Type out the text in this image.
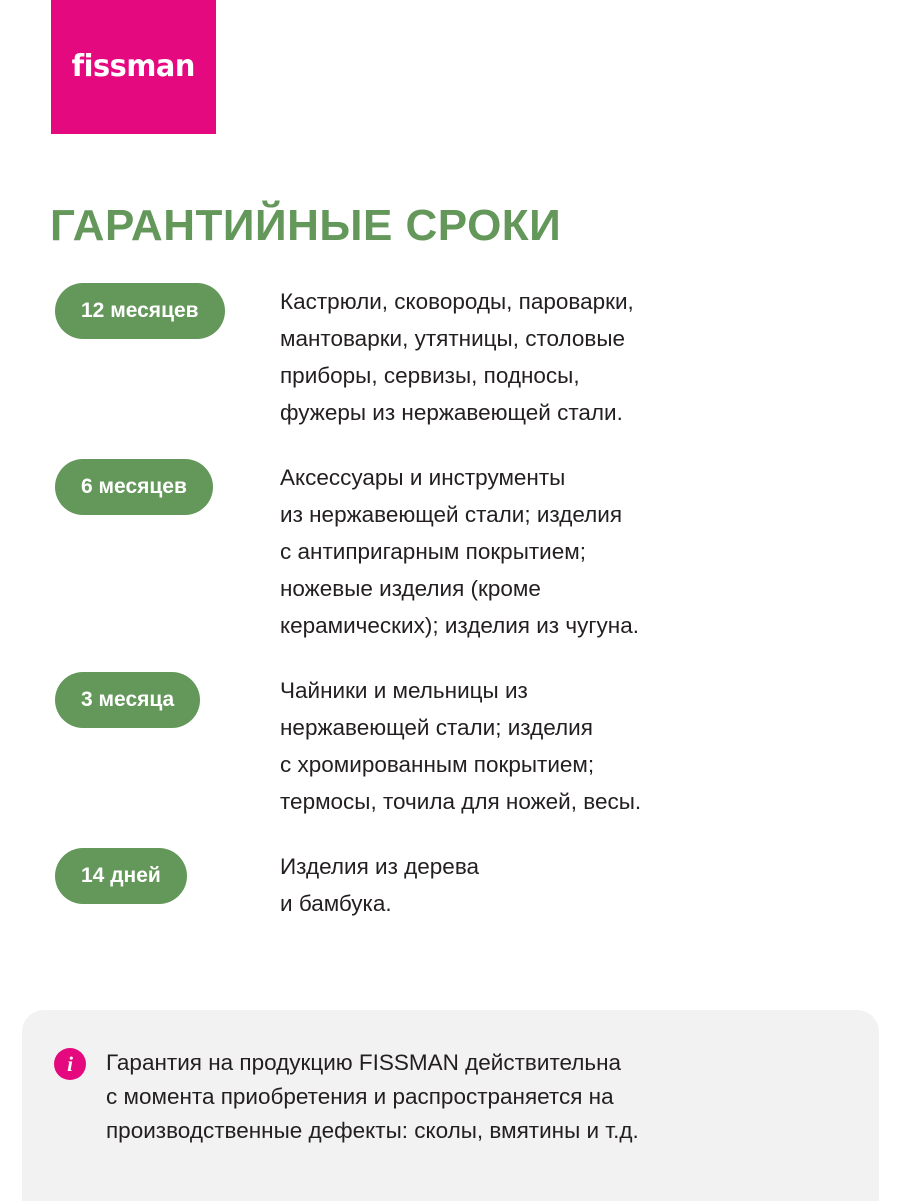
fissman
ГАРАНТИЙНЫЕ СРОКИ
12 месяцев	Кастрюли, сковороды, пароварки,
мантоварки, утятницы, столовые
приборы, сервизы, подносы,
фужеры из нержавеющей стали.
6 месяцев	Аксессуары и инструменты
из нержавеющей стали; изделия
с антипригарным покрытием;
ножевые изделия (кроме
керамических); изделия из чугуна.
3 месяца	Чайники и мельницы из
нержавеющей стали; изделия
с хромированным покрытием;
термосы, точила для ножей, весы.
14 дней	Изделия из дерева
и бамбука.
i	Гарантия на продукцию FISSMAN действительна
с момента приобретения и распространяется на
производственные дефекты: сколы, вмятины и т.д.
